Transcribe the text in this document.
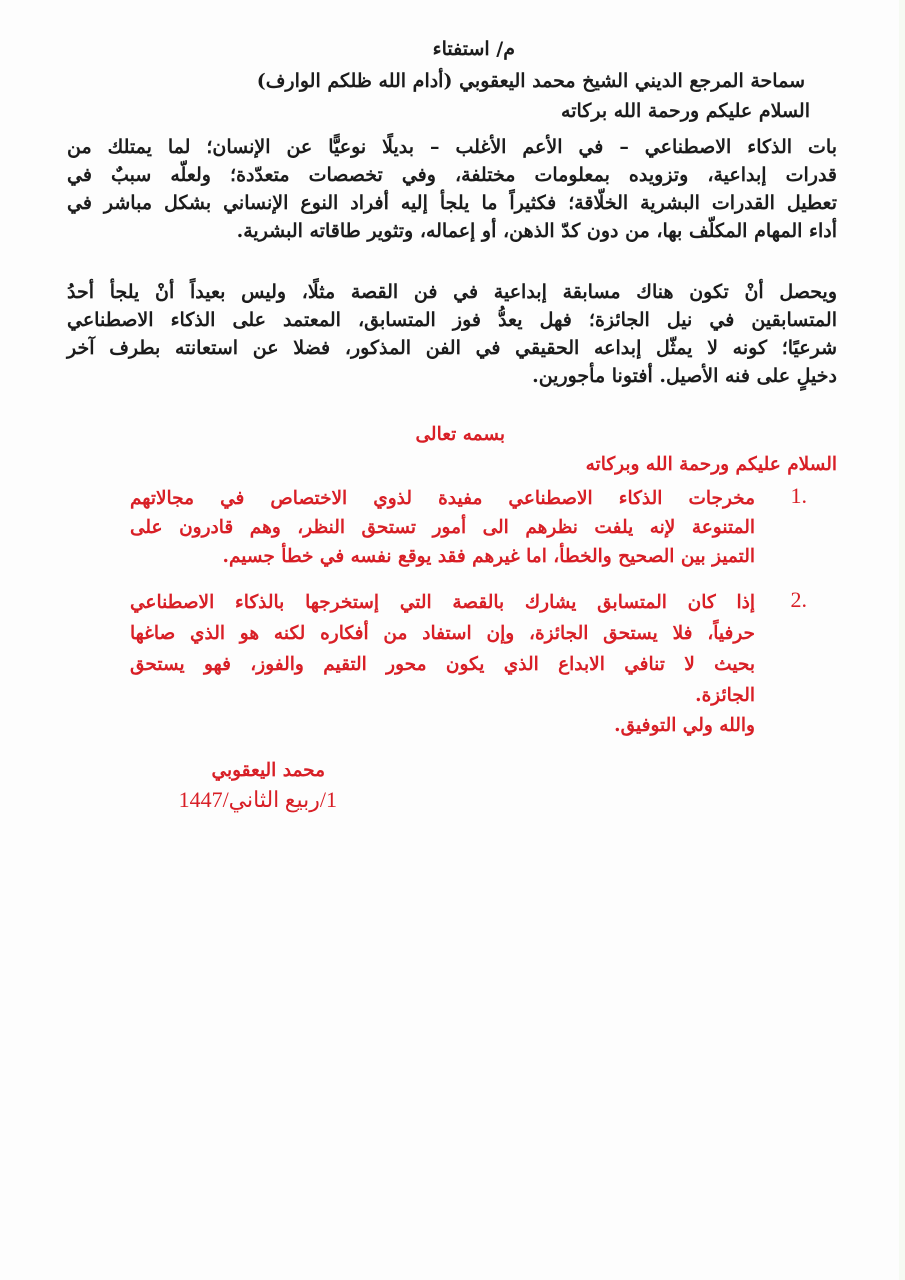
م/ استفتاء
سماحة المرجع الديني الشيخ محمد اليعقوبي (أدام الله ظلكم الوارف)
السلام عليكم ورحمة الله بركاته
بات الذكاء الاصطناعي – في الأعم الأغلب – بديلًا نوعيًّا عن الإنسان؛ لما يمتلك من
قدرات إبداعية، وتزويده بمعلومات مختلفة، وفي تخصصات متعدّدة؛ ولعلّه سببٌ في
تعطيل القدرات البشرية الخلّاقة؛ فكثيراً ما يلجأ إليه أفراد النوع الإنساني بشكل مباشر في
أداء المهام المكلّف بها، من دون كدّ الذهن، أو إعماله، وتثوير طاقاته البشرية.
ويحصل أنْ تكون هناك مسابقة إبداعية في فن القصة مثلًا، وليس بعيداً أنْ يلجأ أحدُ
المتسابقين في نيل الجائزة؛ فهل يعدُّ فوز المتسابق، المعتمد على الذكاء الاصطناعي
شرعيًا؛ كونه لا يمثّل إبداعه الحقيقي في الفن المذكور، فضلا عن استعانته بطرف آخر
دخيلٍ على فنه الأصيل. أفتونا مأجورين.
بسمه تعالى
السلام عليكم ورحمة الله وبركاته
1.
مخرجات الذكاء الاصطناعي مفيدة لذوي الاختصاص في مجالاتهم
المتنوعة لإنه يلفت نظرهم الى أمور تستحق النظر، وهم قادرون على
التميز بين الصحيح والخطأ، اما غيرهم فقد يوقع نفسه في خطأ جسيم.
2.
إذا كان المتسابق يشارك بالقصة التي إستخرجها بالذكاء الاصطناعي
حرفياً، فلا يستحق الجائزة، وإن استفاد من أفكاره لكنه هو الذي صاغها
بحيث لا تنافي الابداع الذي يكون محور التقيم والفوز، فهو يستحق
الجائزة.
والله ولي التوفيق.
محمد اليعقوبي
1/ربيع الثاني/1447
